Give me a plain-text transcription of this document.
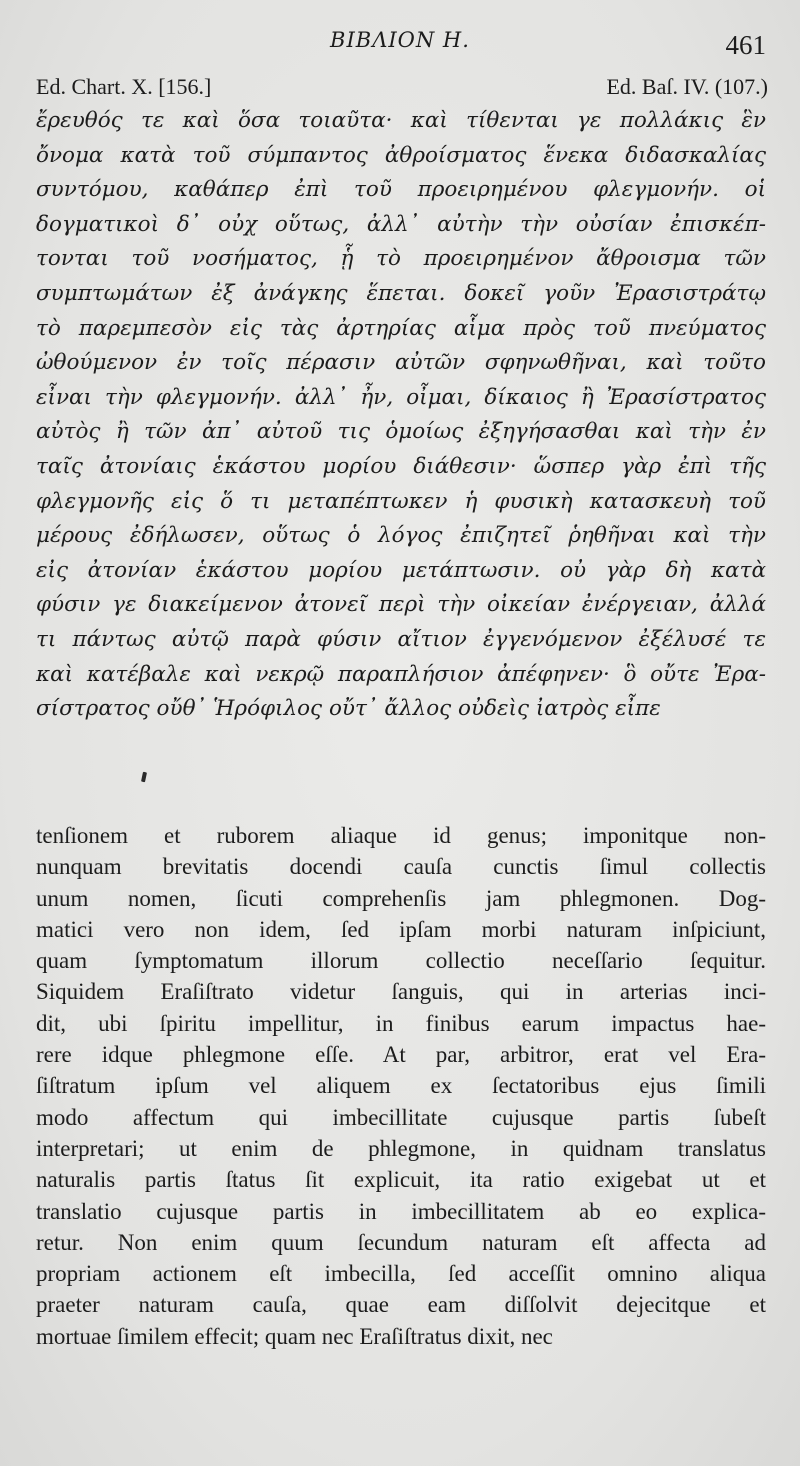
ΒΙΒΛΙΟΝ Η.	461
Ed. Chart. X. [156.]	Ed. Baſ. IV. (107.)
ἔρευθός τε καὶ ὅσα τοιαῦτα· καὶ τίθενται γε πολλάκις ἓν
ὄνομα κατὰ τοῦ σύμπαντος ἀθροίσματος ἕνεκα διδασκαλίας
συντόμου, καθάπερ ἐπὶ τοῦ προειρημένου φλεγμονήν. οἱ
δογματικοὶ δ᾽ οὐχ οὕτως, ἀλλ᾽ αὐτὴν τὴν οὐσίαν ἐπισκέπ-
τονται τοῦ νοσήματος, ᾗ τὸ προειρημένον ἄθροισμα τῶν
συμπτωμάτων ἐξ ἀνάγκης ἕπεται. δοκεῖ γοῦν Ἐρασιστράτῳ
τὸ παρεμπεσὸν εἰς τὰς ἀρτηρίας αἷμα πρὸς τοῦ πνεύματος
ὠθούμενον ἐν τοῖς πέρασιν αὐτῶν σφηνωθῆναι, καὶ τοῦτο
εἶναι τὴν φλεγμονήν. ἀλλ᾽ ἦν, οἶμαι, δίκαιος ἢ Ἐρασίστρατος
αὐτὸς ἢ τῶν ἀπ᾽ αὐτοῦ τις ὁμοίως ἐξηγήσασθαι καὶ τὴν ἐν
ταῖς ἀτονίαις ἑκάστου μορίου διάθεσιν· ὥσπερ γὰρ ἐπὶ τῆς
φλεγμονῆς εἰς ὅ τι μεταπέπτωκεν ἡ φυσικὴ κατασκευὴ τοῦ
μέρους ἐδήλωσεν, οὕτως ὁ λόγος ἐπιζητεῖ ῥηθῆναι καὶ τὴν
εἰς ἀτονίαν ἑκάστου μορίου μετάπτωσιν. οὐ γὰρ δὴ κατὰ
φύσιν γε διακείμενον ἀτονεῖ περὶ τὴν οἰκείαν ἐνέργειαν, ἀλλά
τι πάντως αὐτῷ παρὰ φύσιν αἴτιον ἐγγενόμενον ἐξέλυσέ τε
καὶ κατέβαλε καὶ νεκρῷ παραπλήσιον ἀπέφηνεν· ὃ οὔτε Ἐρα-
σίστρατος οὔθ᾽ Ἡρόφιλος οὔτ᾽ ἄλλος οὐδεὶς ἰατρὸς εἶπε
tenſionem et ruborem aliaque id genus; imponitque non-
nunquam brevitatis docendi cauſa cunctis ſimul collectis
unum nomen, ſicuti comprehenſis jam phlegmonen. Dog-
matici vero non idem, ſed ipſam morbi naturam inſpiciunt,
quam ſymptomatum illorum collectio neceſſario ſequitur.
Siquidem Eraſiſtrato videtur ſanguis, qui in arterias inci-
dit, ubi ſpiritu impellitur, in finibus earum impactus hae-
rere idque phlegmone eſſe. At par, arbitror, erat vel Era-
ſiſtratum ipſum vel aliquem ex ſectatoribus ejus ſimili
modo affectum qui imbecillitate cujusque partis ſubeſt
interpretari; ut enim de phlegmone, in quidnam translatus
naturalis partis ſtatus ſit explicuit, ita ratio exigebat ut et
translatio cujusque partis in imbecillitatem ab eo explica-
retur. Non enim quum ſecundum naturam eſt affecta ad
propriam actionem eſt imbecilla, ſed acceſſit omnino aliqua
praeter naturam cauſa, quae eam diſſolvit dejecitque et
mortuae ſimilem effecit; quam nec Eraſiſtratus dixit, nec
